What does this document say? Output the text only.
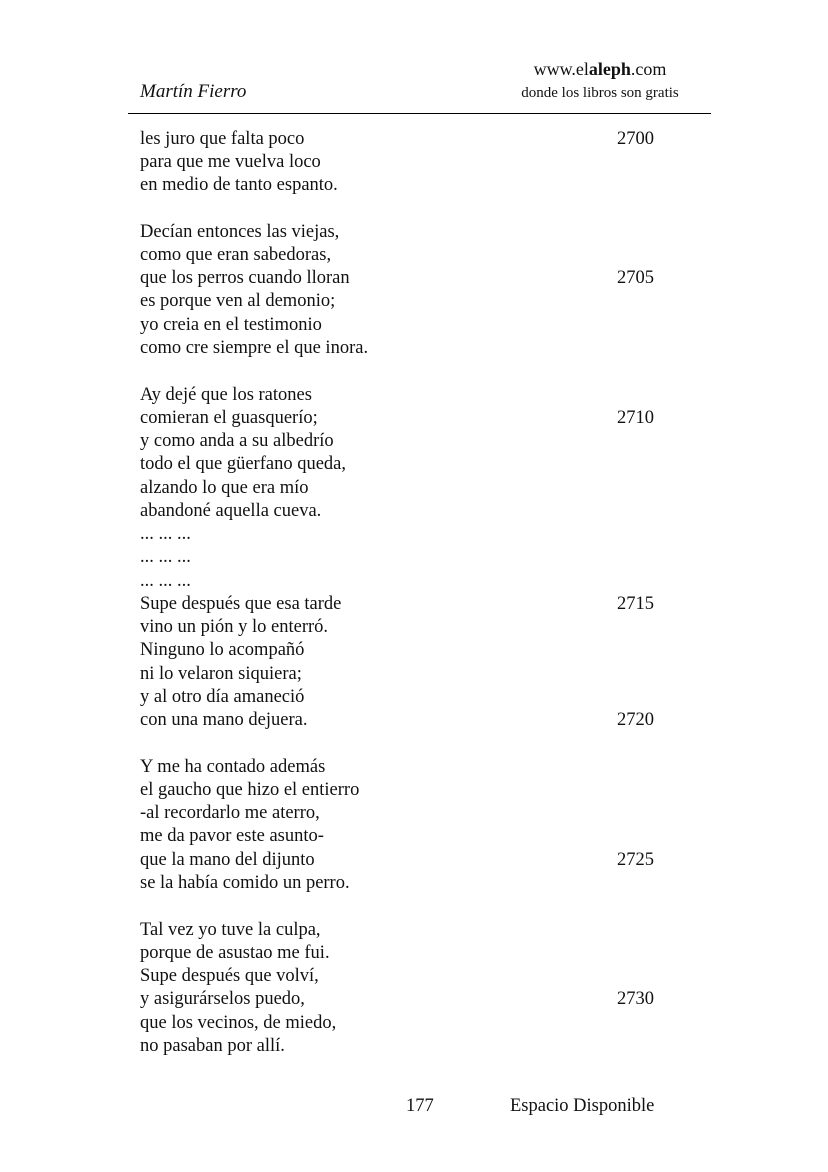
www.elaleph.com
donde los libros son gratis
Martín Fierro
les juro que falta poco
para que me vuelva loco
en medio de tanto espanto.
Decían entonces las viejas,
como que eran sabedoras,
que los perros cuando lloran
es porque ven al demonio;
yo creia en el testimonio
como cre siempre el que inora.
Ay dejé que los ratones
comieran el guasquerío;
y como anda a su albedrío
todo el que güerfano queda,
alzando lo que era mío
abandoné aquella cueva.
... ... ...
... ... ...
... ... ...
Supe después que esa tarde
vino un pión y lo enterró.
Ninguno lo acompañó
ni lo velaron siquiera;
y al otro día amaneció
con una mano dejuera.
Y me ha contado además
el gaucho que hizo el entierro
-al recordarlo me aterro,
me da pavor este asunto-
que la mano del dijunto
se la había comido un perro.
Tal vez yo tuve la culpa,
porque de asustao me fui.
Supe después que volví,
y asigurárselos puedo,
que los vecinos, de miedo,
no pasaban por allí.
2700
2705
2710
2715
2720
2725
2730
177	Espacio Disponible
